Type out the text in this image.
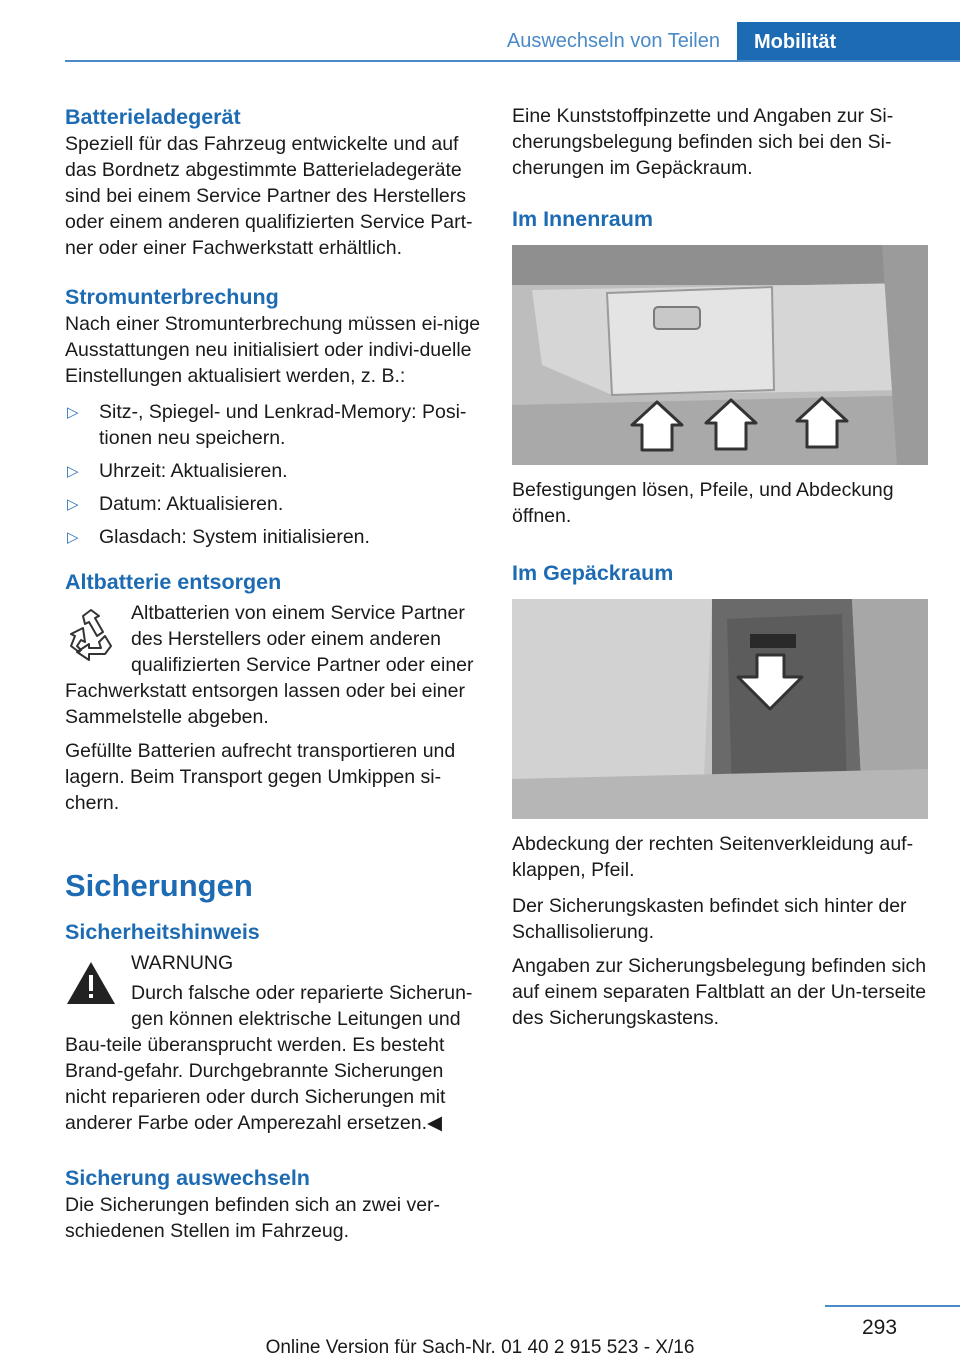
Auswechseln von Teilen	Mobilität
Batterieladegerät

Speziell für das Fahrzeug entwickelte und auf das Bordnetz abgestimmte Batterieladegeräte sind bei einem Service Partner des Herstellers oder einem anderen qualifizierten Service Part‐ner oder einer Fachwerkstatt erhältlich.

Stromunterbrechung

Nach einer Stromunterbrechung müssen ei‐nige Ausstattungen neu initialisiert oder indivi‐duelle Einstellungen aktualisiert werden, z. B.:

▷ Sitz-, Spiegel- und Lenkrad-Memory: Posi‐tionen neu speichern.
▷ Uhrzeit: Aktualisieren.
▷ Datum: Aktualisieren.
▷ Glasdach: System initialisieren.
Altbatterie entsorgen

Altbatterien von einem Service Partner des Herstellers oder einem anderen qualifizierten Service Partner oder einer Fachwerkstatt entsorgen lassen oder bei einer Sammelstelle abgeben.

Gefüllte Batterien aufrecht transportieren und lagern. Beim Transport gegen Umkippen si‐chern.

Sicherungen
Sicherheitshinweis

WARNUNG

Durch falsche oder reparierte Sicherun‐gen können elektrische Leitungen und Bau‐teile überansprucht werden. Es besteht Brand‐gefahr. Durchgebrannte Sicherungen nicht reparieren oder durch Sicherungen mit anderer Farbe oder Amperezahl ersetzen.◀

Sicherung auswechseln

Die Sicherungen befinden sich an zwei ver‐schiedenen Stellen im Fahrzeug.

Eine Kunststoffpinzette und Angaben zur Si‐cherungsbelegung befinden sich bei den Si‐cherungen im Gepäckraum.

Im Innenraum

Befestigungen lösen, Pfeile, und Abdeckung öffnen.

Im Gepäckraum

Abdeckung der rechten Seitenverkleidung auf‐klappen, Pfeil.

Der Sicherungskasten befindet sich hinter der Schallisolierung.

Angaben zur Sicherungsbelegung befinden sich auf einem separaten Faltblatt an der Un‐terseite des Sicherungskastens.

293
Online Version für Sach-Nr. 01 40 2 915 523 - X/16
